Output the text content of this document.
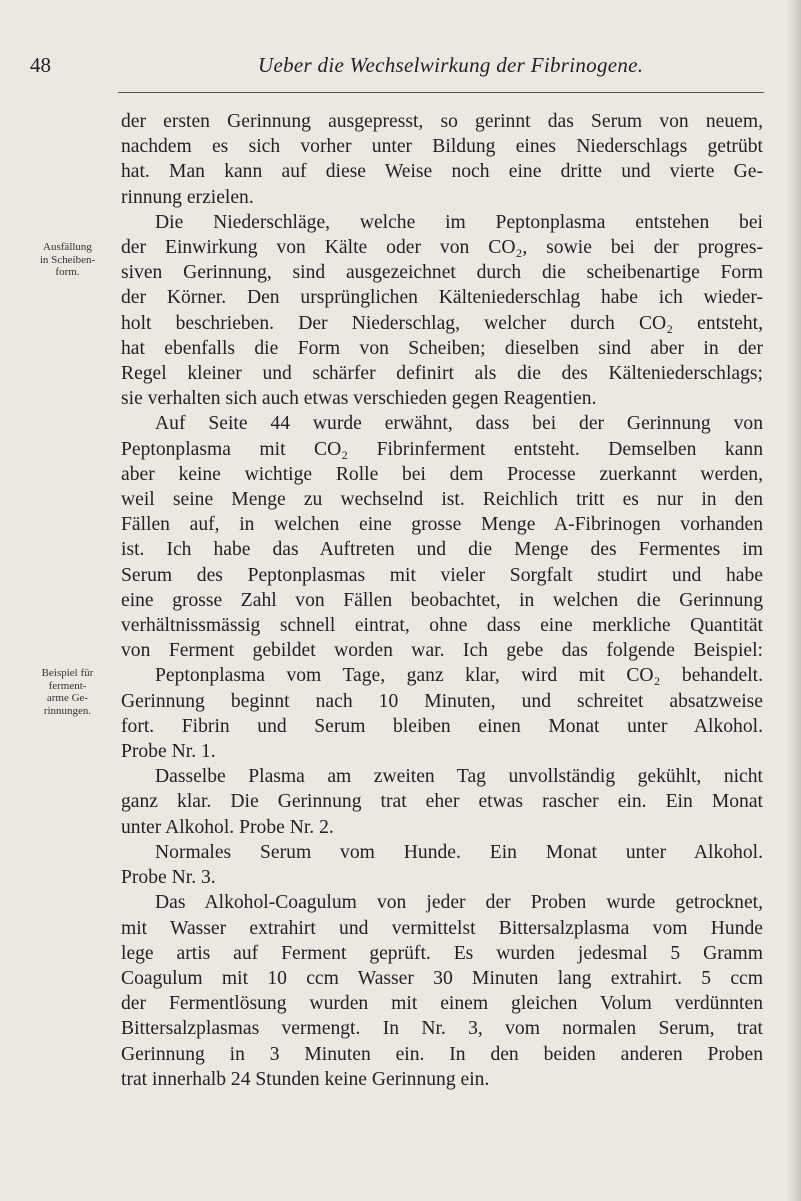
48	Ueber die Wechselwirkung der Fibrinogene.
Ausfällung
in Scheiben-
form.
Beispiel für
ferment-
arme Ge-
rinnungen.
der ersten Gerinnung ausgepresst, so gerinnt das Serum von neuem,
nachdem es sich vorher unter Bildung eines Niederschlags getrübt
hat. Man kann auf diese Weise noch eine dritte und vierte Ge-
rinnung erzielen.
Die Niederschläge, welche im Peptonplasma entstehen bei
der Einwirkung von Kälte oder von CO₂, sowie bei der progres-
siven Gerinnung, sind ausgezeichnet durch die scheibenartige Form
der Körner. Den ursprünglichen Kälteniederschlag habe ich wieder-
holt beschrieben. Der Niederschlag, welcher durch CO₂ entsteht,
hat ebenfalls die Form von Scheiben; dieselben sind aber in der
Regel kleiner und schärfer definirt als die des Kälteniederschlags;
sie verhalten sich auch etwas verschieden gegen Reagentien.
Auf Seite 44 wurde erwähnt, dass bei der Gerinnung von
Peptonplasma mit CO₂ Fibrinferment entsteht. Demselben kann
aber keine wichtige Rolle bei dem Processe zuerkannt werden,
weil seine Menge zu wechselnd ist. Reichlich tritt es nur in den
Fällen auf, in welchen eine grosse Menge A-Fibrinogen vorhanden
ist. Ich habe das Auftreten und die Menge des Fermentes im
Serum des Peptonplasmas mit vieler Sorgfalt studirt und habe
eine grosse Zahl von Fällen beobachtet, in welchen die Gerinnung
verhältnissmässig schnell eintrat, ohne dass eine merkliche Quantität
von Ferment gebildet worden war. Ich gebe das folgende Beispiel:
Peptonplasma vom Tage, ganz klar, wird mit CO₂ behandelt.
Gerinnung beginnt nach 10 Minuten, und schreitet absatzweise
fort. Fibrin und Serum bleiben einen Monat unter Alkohol.
Probe Nr. 1.
Dasselbe Plasma am zweiten Tag unvollständig gekühlt, nicht
ganz klar. Die Gerinnung trat eher etwas rascher ein. Ein Monat
unter Alkohol. Probe Nr. 2.
Normales Serum vom Hunde. Ein Monat unter Alkohol.
Probe Nr. 3.
Das Alkohol-Coagulum von jeder der Proben wurde getrocknet,
mit Wasser extrahirt und vermittelst Bittersalzplasma vom Hunde
lege artis auf Ferment geprüft. Es wurden jedesmal 5 Gramm
Coagulum mit 10 ccm Wasser 30 Minuten lang extrahirt. 5 ccm
der Fermentlösung wurden mit einem gleichen Volum verdünnten
Bittersalzplasmas vermengt. In Nr. 3, vom normalen Serum, trat
Gerinnung in 3 Minuten ein. In den beiden anderen Proben
trat innerhalb 24 Stunden keine Gerinnung ein.
